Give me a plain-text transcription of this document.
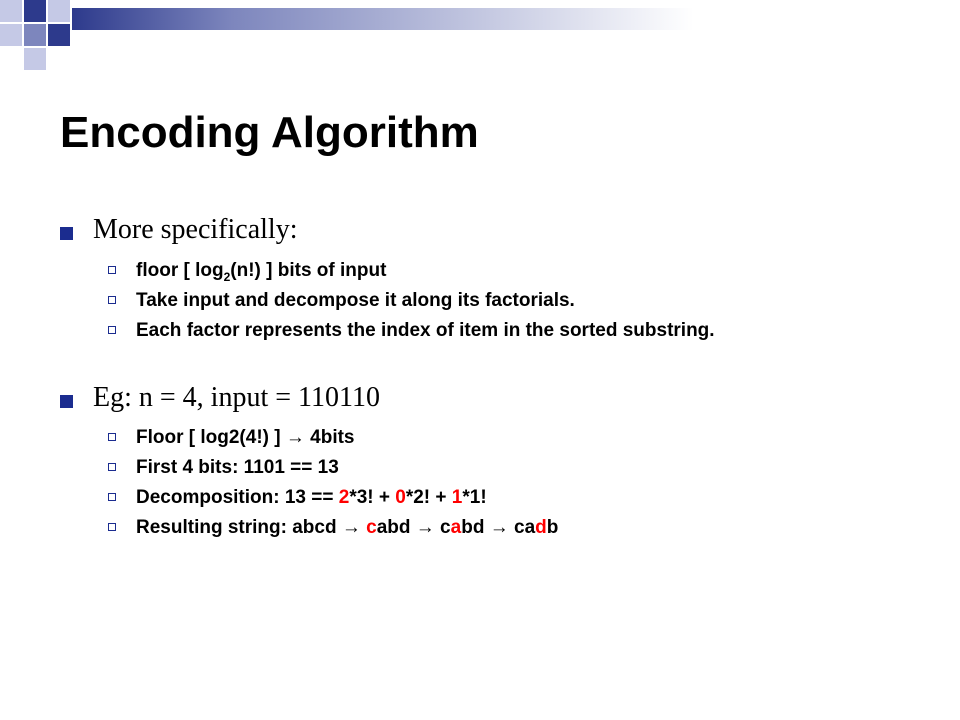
Encoding Algorithm
More specifically:
floor [ $\log_2(n!)$ ] bits of input
Take input and decompose it along its factorials.
Each factor represents the index of item in the sorted substring.
Eg: n = 4, input = 110110
Floor [ log2(4!) ] → 4bits
First 4 bits: 1101 == 13
Decomposition: 13 == 2*3! + 0*2! + 1*1!
Resulting string: abcd → cabd → cabd → cadb
